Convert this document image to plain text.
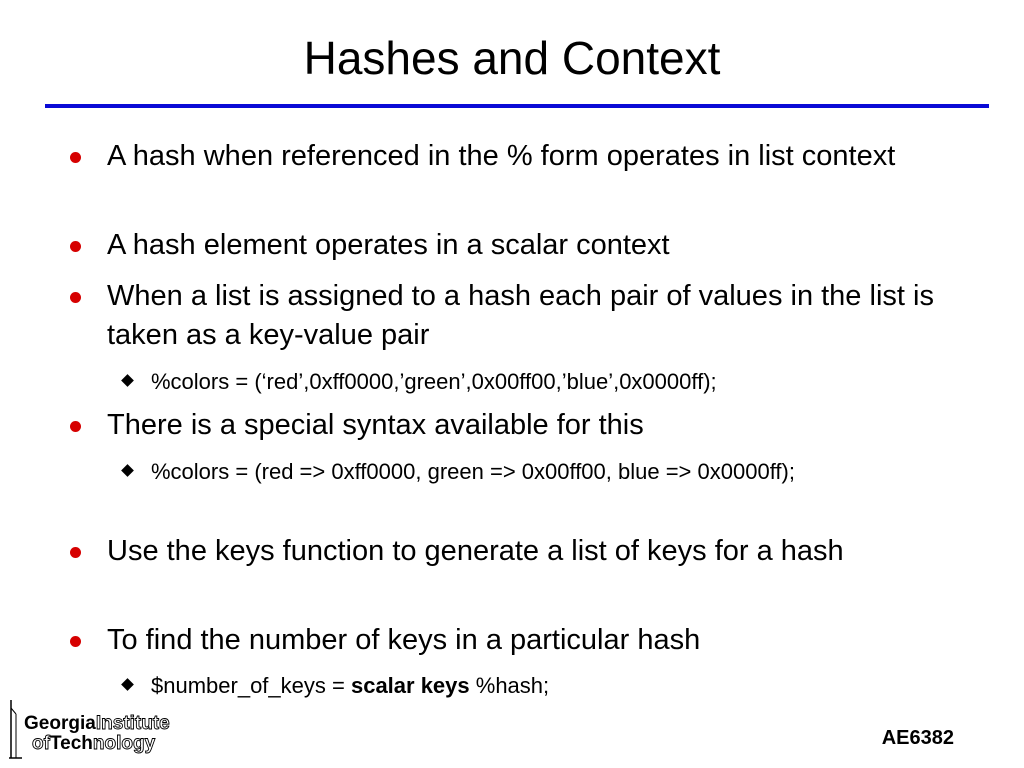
Hashes and Context
A hash when referenced in the % form operates in list context
A hash element operates in a scalar context
When a list is assigned to a hash each pair of values in the list is taken as a key-value pair
%colors = (‘red’,0xff0000,’green’,0x00ff00,’blue’,0x0000ff);
There is a special syntax available for this
%colors = (red => 0xff0000, green => 0x00ff00, blue => 0x0000ff);
Use the keys function to generate a list of keys for a hash
To find the number of keys in a particular hash
$number_of_keys = scalar keys %hash;
GeorgiaInstitute
ofTechnology	AE6382
